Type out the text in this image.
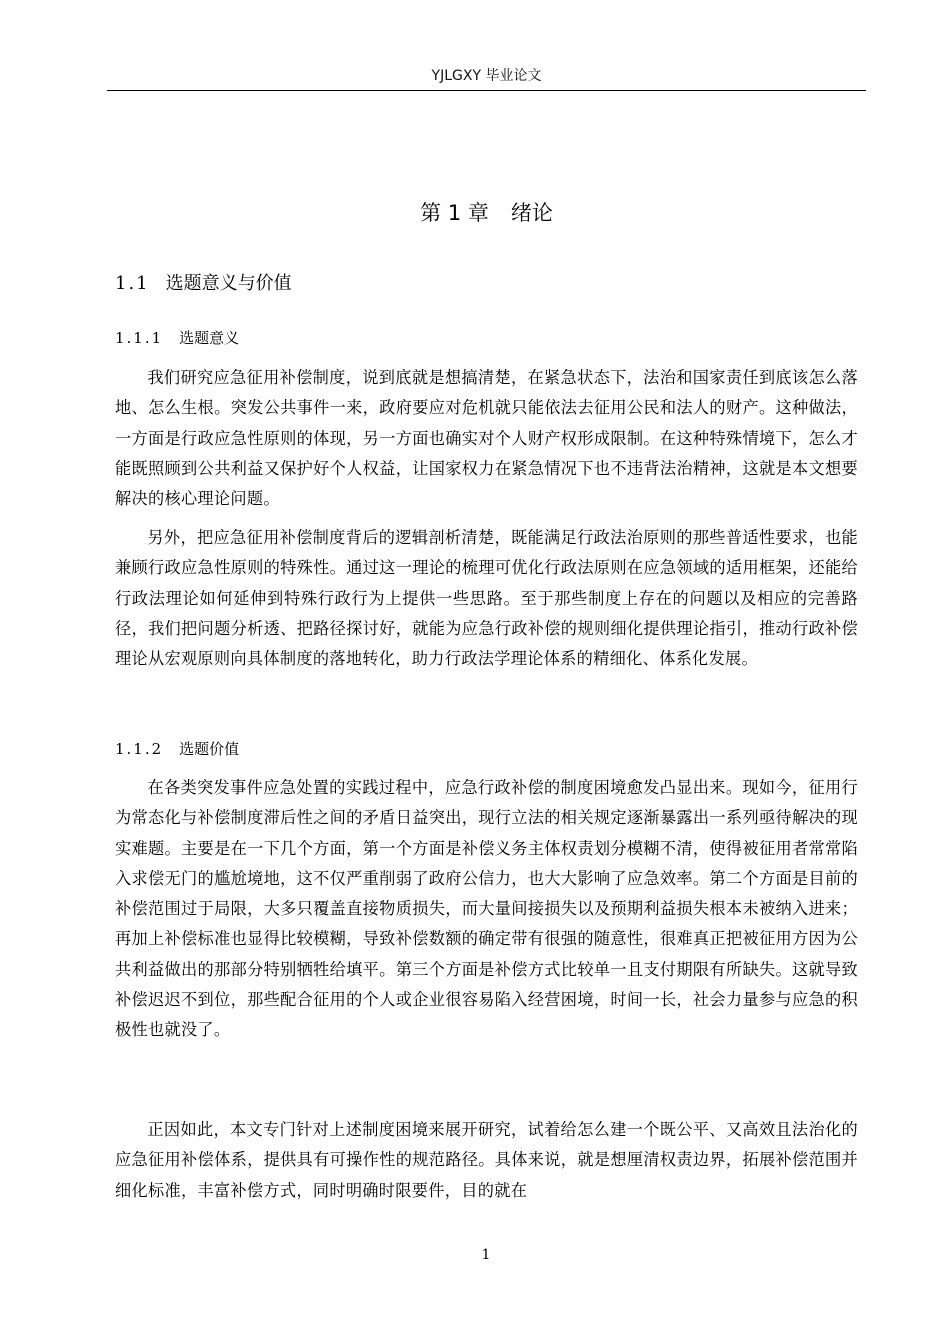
YJLGXY 毕业论文
第 1 章 绪论
1.1 选题意义与价值
1.1.1 选题意义

我们研究应急征用补偿制度，说到底就是想搞清楚，在紧急状态下，法治和国家责任到底该怎么落地、怎么生根。突发公共事件一来，政府要应对危机就只能依法去征用公民和法人的财产。这种做法，一方面是行政应急性原则的体现，另一方面也确实对个人财产权形成限制。在这种特殊情境下，怎么才能既照顾到公共利益又保护好个人权益，让国家权力在紧急情况下也不违背法治精神，这就是本文想要解决的核心理论问题。

另外，把应急征用补偿制度背后的逻辑剖析清楚，既能满足行政法治原则的那些普适性要求，也能兼顾行政应急性原则的特殊性。通过这一理论的梳理可优化行政法原则在应急领域的适用框架，还能给行政法理论如何延伸到特殊行政行为上提供一些思路。至于那些制度上存在的问题以及相应的完善路径，我们把问题分析透、把路径探讨好，就能为应急行政补偿的规则细化提供理论指引，推动行政补偿理论从宏观原则向具体制度的落地转化，助力行政法学理论体系的精细化、体系化发展。

1.1.2 选题价值

在各类突发事件应急处置的实践过程中，应急行政补偿的制度困境愈发凸显出来。现如今，征用行为常态化与补偿制度滞后性之间的矛盾日益突出，现行立法的相关规定逐渐暴露出一系列亟待解决的现实难题。主要是在一下几个方面，第一个方面是补偿义务主体权责划分模糊不清，使得被征用者常常陷入求偿无门的尴尬境地，这不仅严重削弱了政府公信力，也大大影响了应急效率。第二个方面是目前的补偿范围过于局限，大多只覆盖直接物质损失，而大量间接损失以及预期利益损失根本未被纳入进来；再加上补偿标准也显得比较模糊，导致补偿数额的确定带有很强的随意性，很难真正把被征用方因为公共利益做出的那部分特别牺牲给填平。第三个方面是补偿方式比较单一且支付期限有所缺失。这就导致补偿迟迟不到位，那些配合征用的个人或企业很容易陷入经营困境，时间一长，社会力量参与应急的积极性也就没了。

正因如此，本文专门针对上述制度困境来展开研究，试着给怎么建一个既公平、又高效且法治化的应急征用补偿体系，提供具有可操作性的规范路径。具体来说，就是想厘清权责边界，拓展补偿范围并细化标准，丰富补偿方式，同时明确时限要件，目的就在

1
